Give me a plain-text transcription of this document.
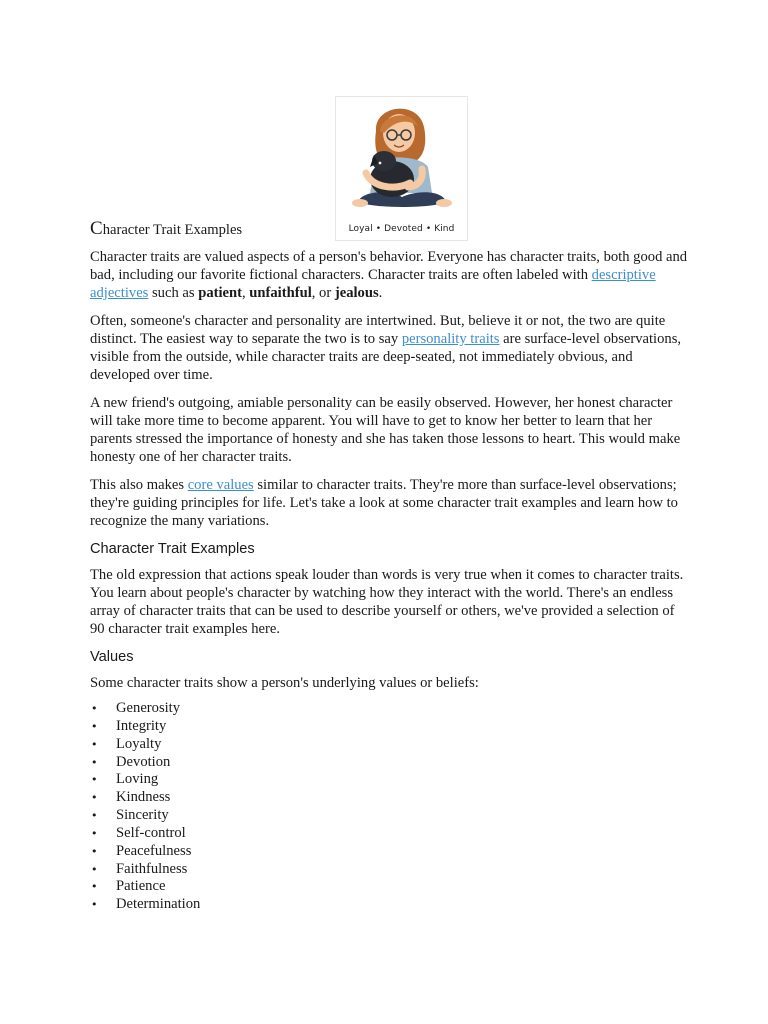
Loyal • Devoted • Kind
Character Trait Examples

Character traits are valued aspects of a person's behavior. Everyone has character traits, both good and bad, including our favorite fictional characters. Character traits are often labeled with descriptive adjectives such as patient, unfaithful, or jealous.

Often, someone's character and personality are intertwined. But, believe it or not, the two are quite distinct. The easiest way to separate the two is to say personality traits are surface-level observations, visible from the outside, while character traits are deep-seated, not immediately obvious, and developed over time.

A new friend's outgoing, amiable personality can be easily observed. However, her honest character will take more time to become apparent. You will have to get to know her better to learn that her parents stressed the importance of honesty and she has taken those lessons to heart. This would make honesty one of her character traits.

This also makes core values similar to character traits. They're more than surface-level observations; they're guiding principles for life. Let's take a look at some character trait examples and learn how to recognize the many variations.

Character Trait Examples

The old expression that actions speak louder than words is very true when it comes to character traits. You learn about people's character by watching how they interact with the world. There's an endless array of character traits that can be used to describe yourself or others, we've provided a selection of 90 character trait examples here.

Values

Some character traits show a person's underlying values or beliefs:

• Generosity
• Integrity
• Loyalty
• Devotion
• Loving
• Kindness
• Sincerity
• Self-control
• Peacefulness
• Faithfulness
• Patience
• Determination
